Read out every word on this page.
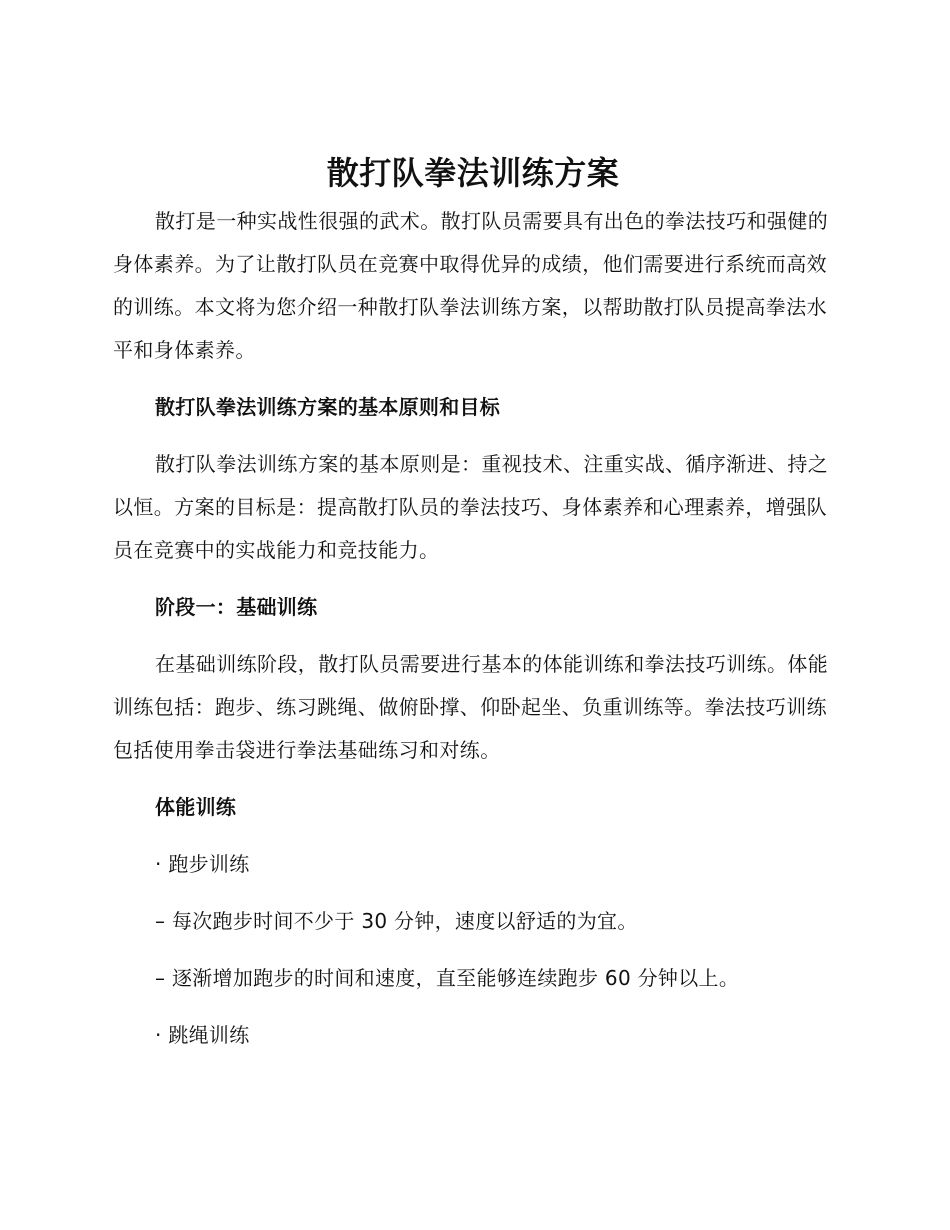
散打队拳法训练方案

散打是一种实战性很强的武术。散打队员需要具有出色的拳法技巧和强健的身体素养。为了让散打队员在竞赛中取得优异的成绩，他们需要进行系统而高效的训练。本文将为您介绍一种散打队拳法训练方案，以帮助散打队员提高拳法水平和身体素养。

散打队拳法训练方案的基本原则和目标

散打队拳法训练方案的基本原则是：重视技术、注重实战、循序渐进、持之以恒。方案的目标是：提高散打队员的拳法技巧、身体素养和心理素养，增强队员在竞赛中的实战能力和竞技能力。

阶段一：基础训练

在基础训练阶段，散打队员需要进行基本的体能训练和拳法技巧训练。体能训练包括：跑步、练习跳绳、做俯卧撑、仰卧起坐、负重训练等。拳法技巧训练包括使用拳击袋进行拳法基础练习和对练。

体能训练
· 跑步训练
– 每次跑步时间不少于 30 分钟，速度以舒适的为宜。
– 逐渐增加跑步的时间和速度，直至能够连续跑步 60 分钟以上。
· 跳绳训练
